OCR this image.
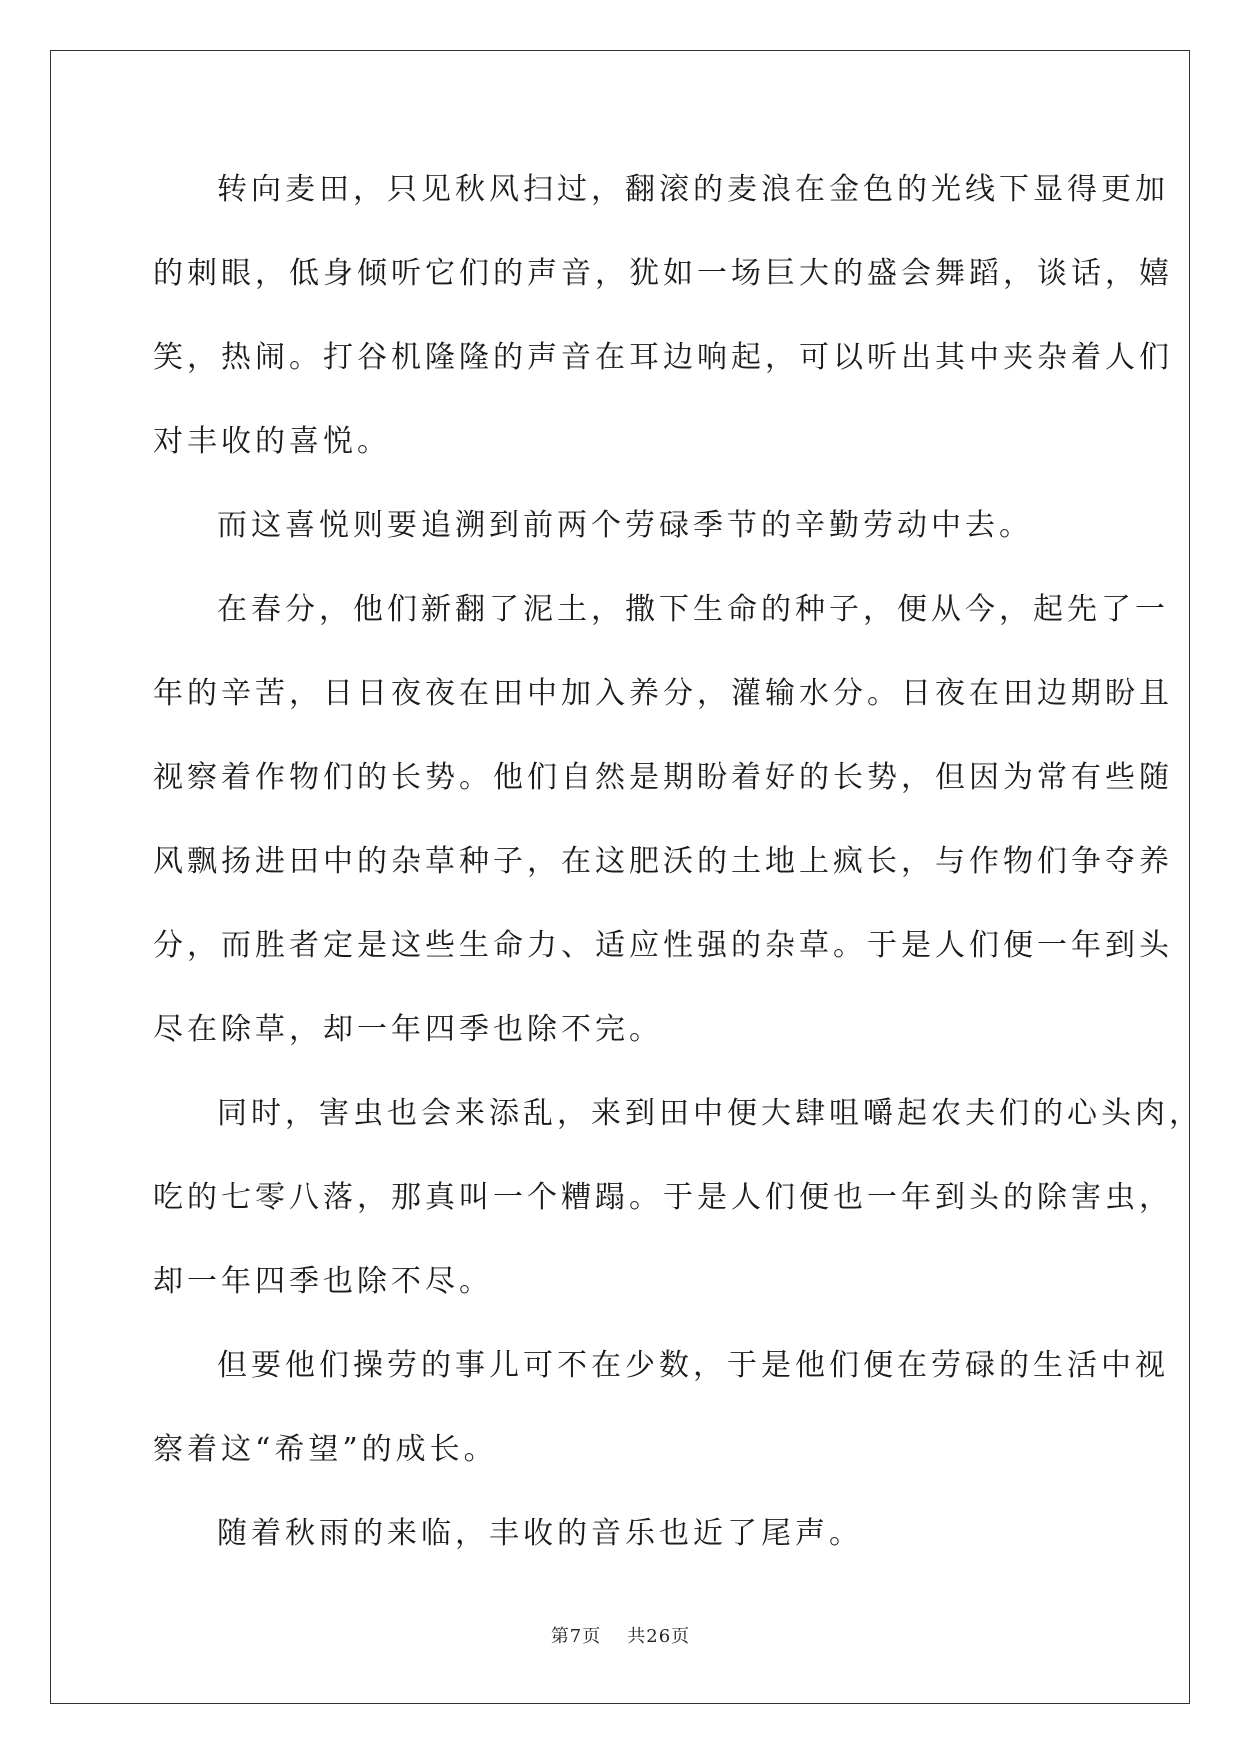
转向麦田，只见秋风扫过，翻滚的麦浪在金色的光线下显得更加
的刺眼，低身倾听它们的声音，犹如一场巨大的盛会舞蹈，谈话，嬉
笑，热闹。打谷机隆隆的声音在耳边响起，可以听出其中夹杂着人们
对丰收的喜悦。
而这喜悦则要追溯到前两个劳碌季节的辛勤劳动中去。
在春分，他们新翻了泥土，撒下生命的种子，便从今，起先了一
年的辛苦，日日夜夜在田中加入养分，灌输水分。日夜在田边期盼且
视察着作物们的长势。他们自然是期盼着好的长势，但因为常有些随
风飘扬进田中的杂草种子，在这肥沃的土地上疯长，与作物们争夺养
分，而胜者定是这些生命力、适应性强的杂草。于是人们便一年到头
尽在除草，却一年四季也除不完。
同时，害虫也会来添乱，来到田中便大肆咀嚼起农夫们的心头肉，
吃的七零八落，那真叫一个糟蹋。于是人们便也一年到头的除害虫，
却一年四季也除不尽。
但要他们操劳的事儿可不在少数，于是他们便在劳碌的生活中视
察着这“希望”的成长。
随着秋雨的来临，丰收的音乐也近了尾声。
第7页 共26页
